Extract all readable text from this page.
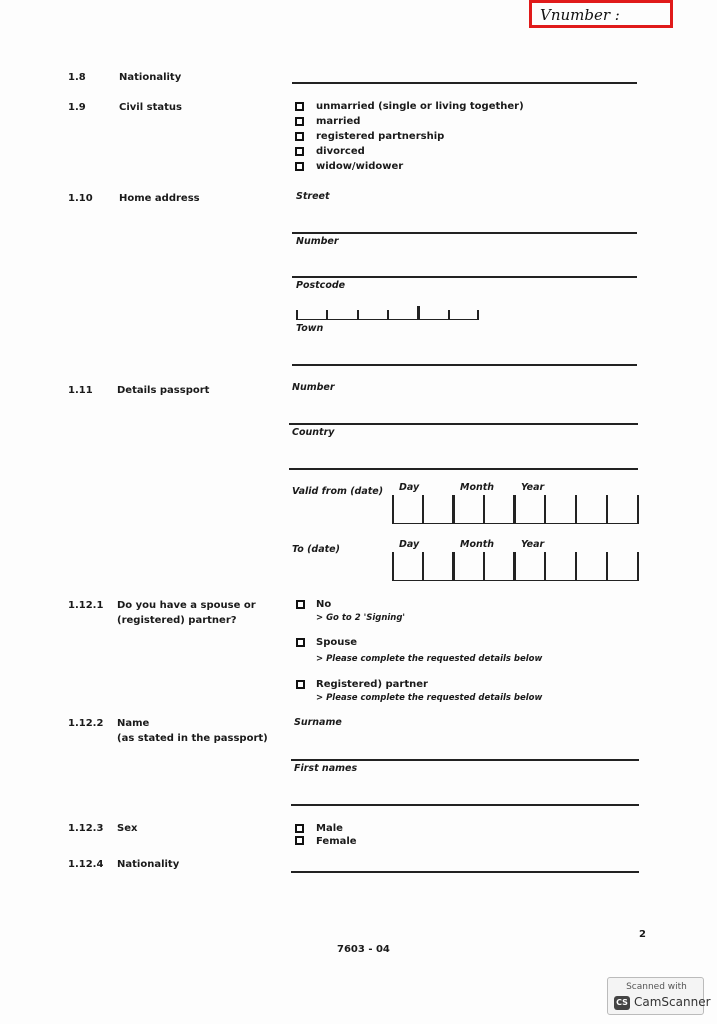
Vnumber :
1.8	Nationality
1.9	Civil status	unmarried (single or living together)
married
registered partnership
divorced
widow/widower
1.10	Home address	Street
Number
Postcode
Town
1.11 Details passport	Number
Country
Valid from (date) Day	Month	Year
To (date)	Day	Month	Year
1.12.1 Do you have a spouse or
(registered) partner?
No
> Go to 2 'Signing'
Spouse
> Please complete the requested details below
Registered) partner
> Please complete the requested details below
1.12.2 Name
(as stated in the passport)
Surname
First names
1.12.3 Sex	Male
Female
1.12.4 Nationality
2
7603 - 04
Scanned with
CS CamScanner
